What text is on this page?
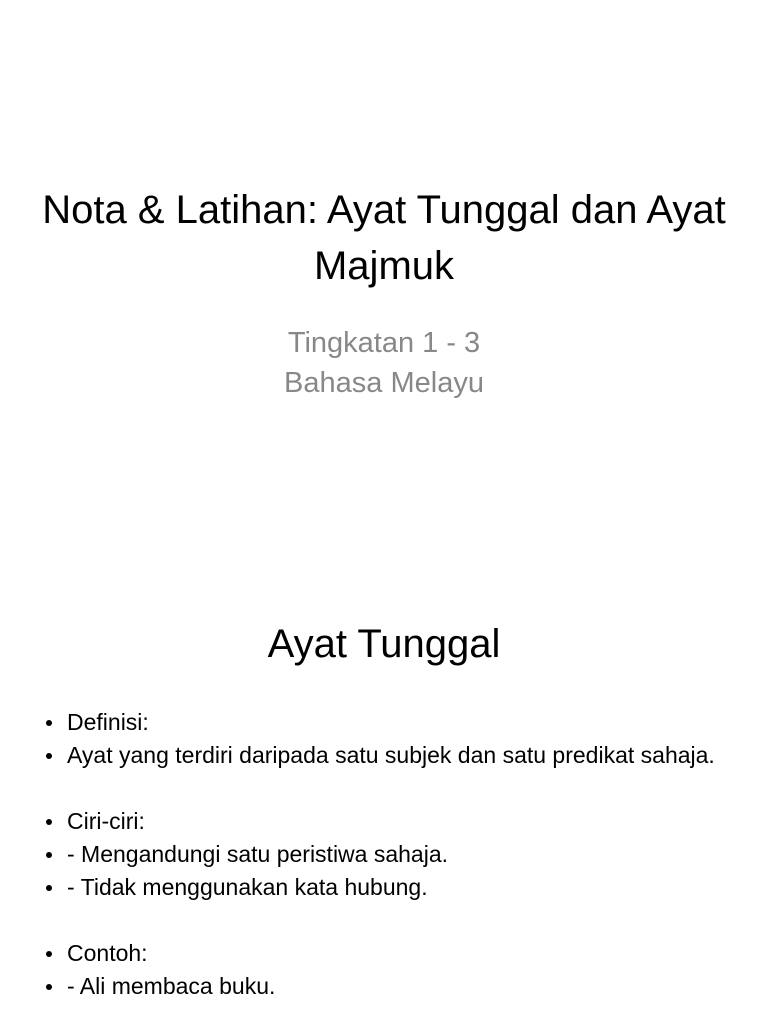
Nota & Latihan: Ayat Tunggal dan Ayat Majmuk
Tingkatan 1 - 3
Bahasa Melayu
Ayat Tunggal
Definisi:
Ayat yang terdiri daripada satu subjek dan satu predikat sahaja.
Ciri-ciri:
- Mengandungi satu peristiwa sahaja.
- Tidak menggunakan kata hubung.
Contoh:
- Ali membaca buku.
